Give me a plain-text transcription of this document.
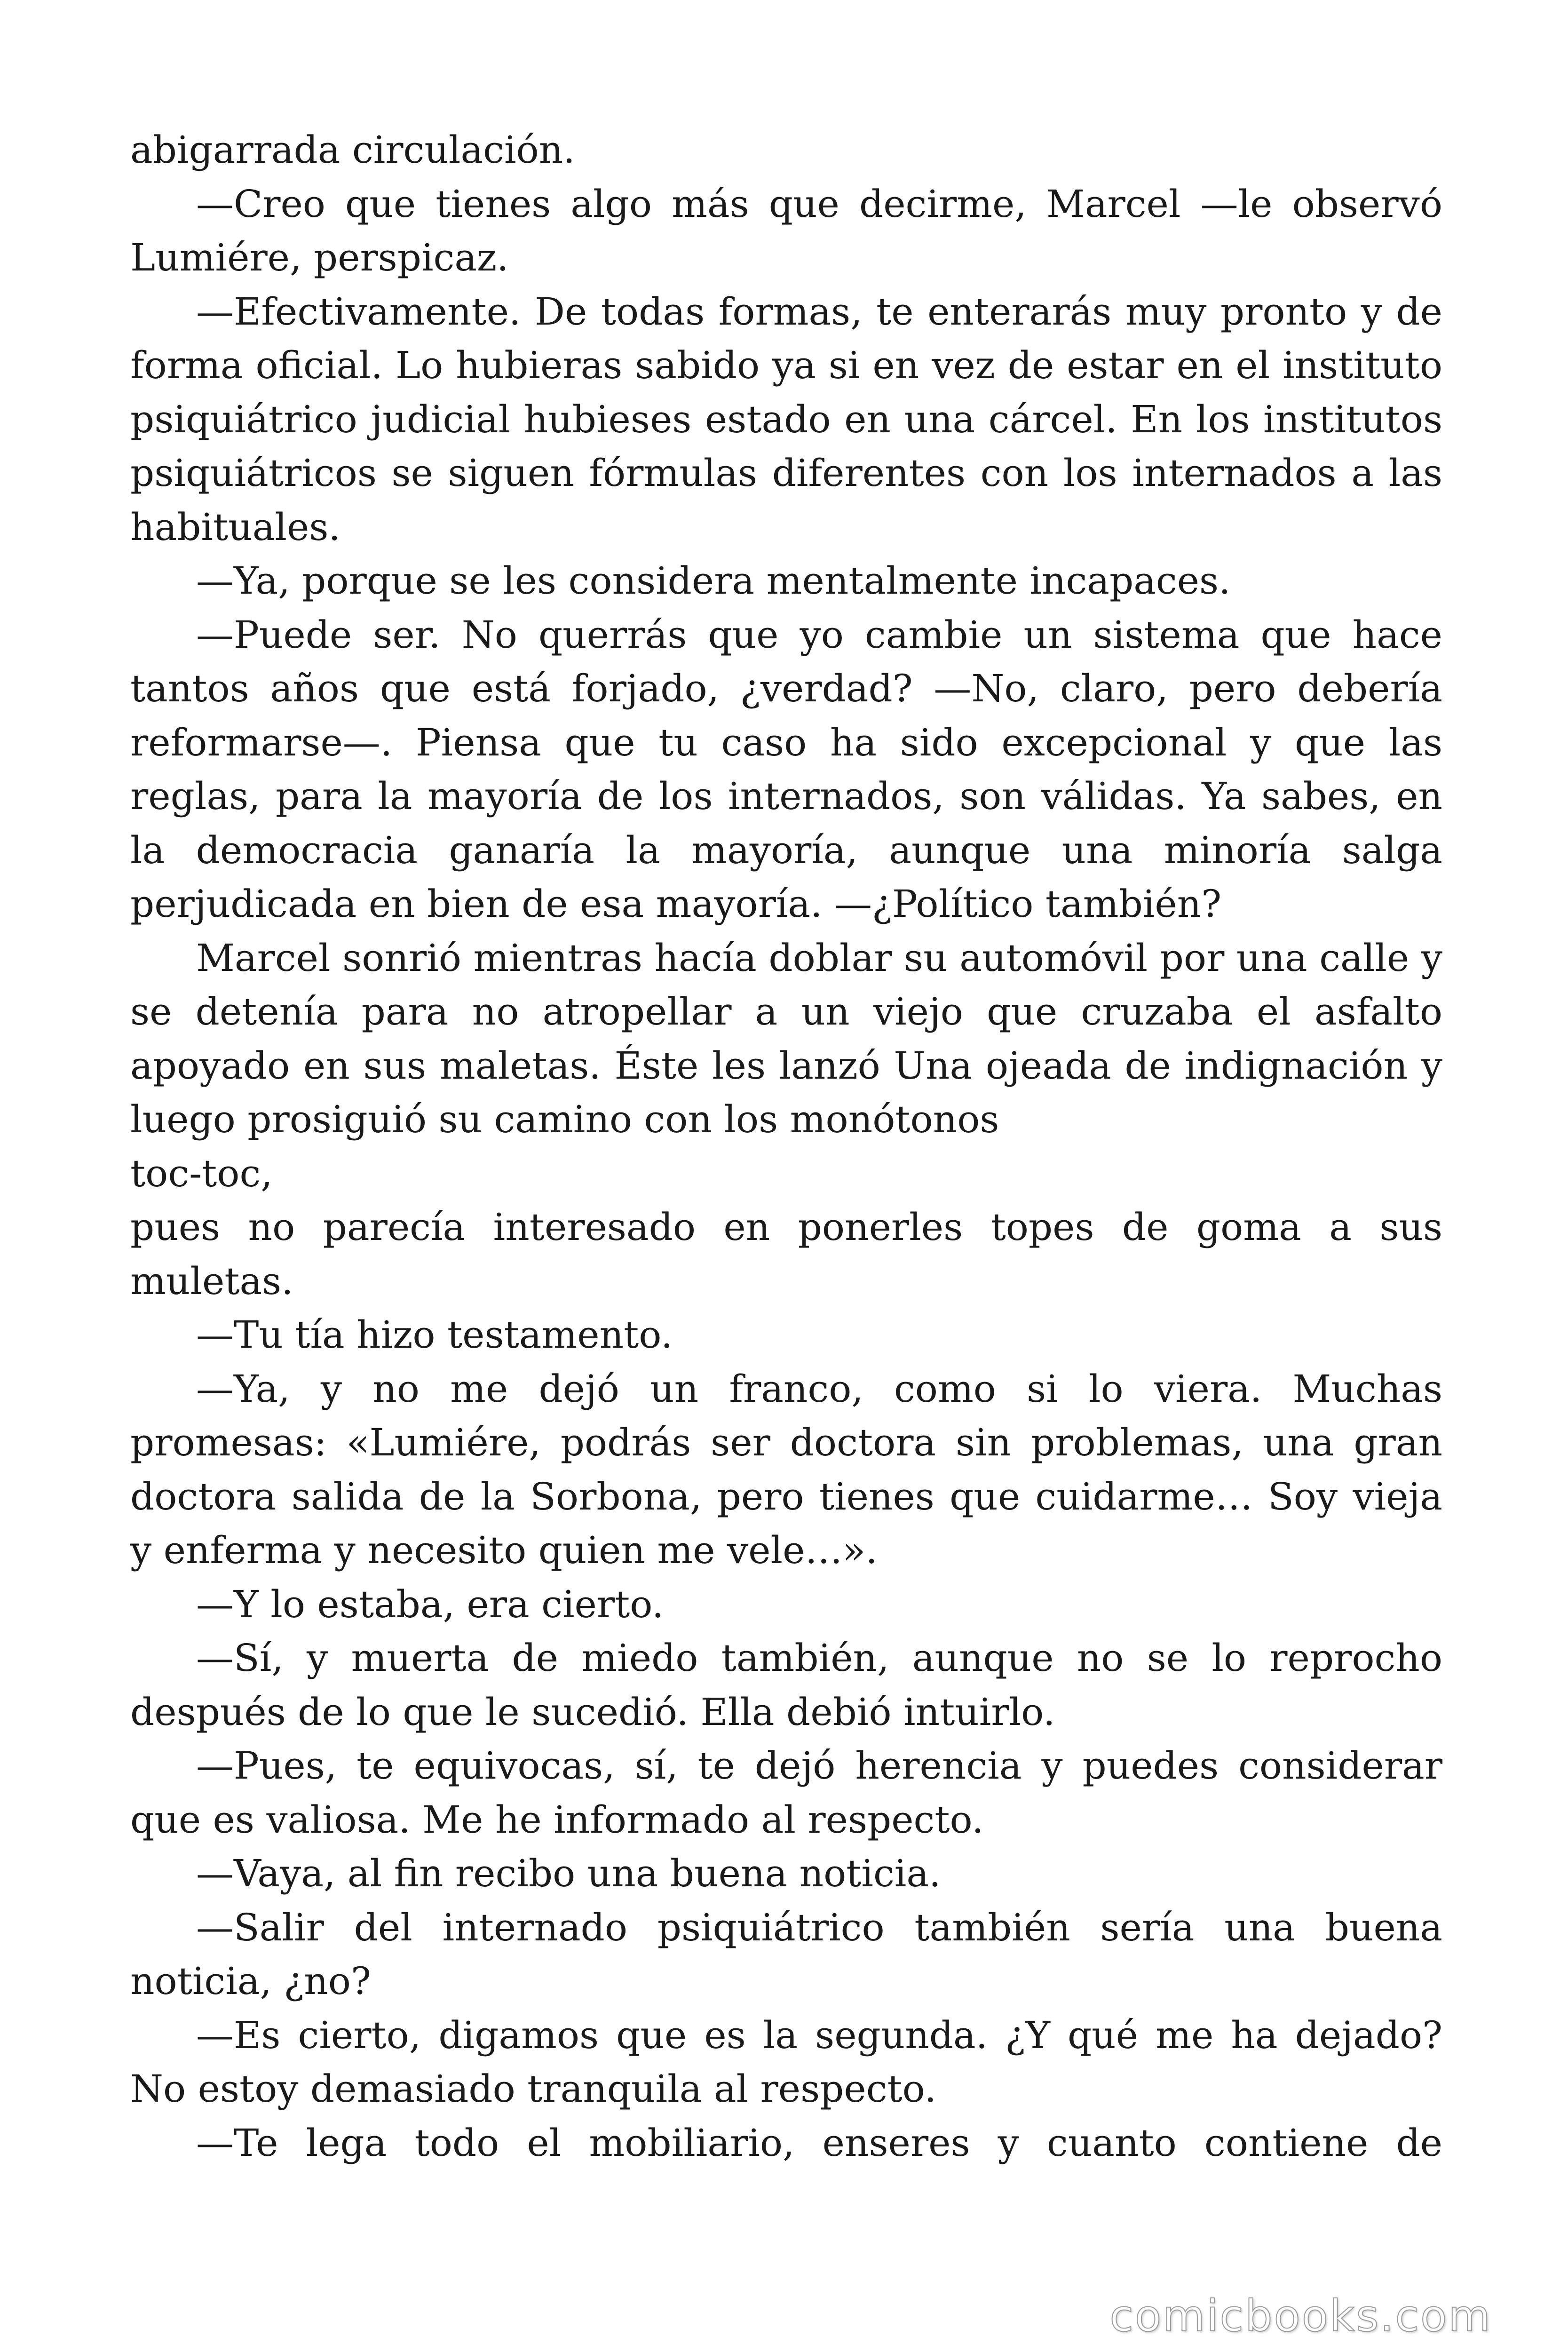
abigarrada circulación.

—Creo que tienes algo más que decirme, Marcel —le observó Lumiére, perspicaz.

—Efectivamente. De todas formas, te enterarás muy pronto y de forma oficial. Lo hubieras sabido ya si en vez de estar en el instituto psiquiátrico judicial hubieses estado en una cárcel. En los institutos psiquiátricos se siguen fórmulas diferentes con los internados a las habituales.

—Ya, porque se les considera mentalmente incapaces.

—Puede ser. No querrás que yo cambie un sistema que hace tantos años que está forjado, ¿verdad? —No, claro, pero debería reformarse—. Piensa que tu caso ha sido excepcional y que las reglas, para la mayoría de los internados, son válidas. Ya sabes, en la democracia ganaría la mayoría, aunque una minoría salga perjudicada en bien de esa mayoría. —¿Político también?

Marcel sonrió mientras hacía doblar su automóvil por una calle y se detenía para no atropellar a un viejo que cruzaba el asfalto apoyado en sus maletas. Éste les lanzó Una ojeada de indignación y luego prosiguió su camino con los monótonos

toc-toc,

pues no parecía interesado en ponerles topes de goma a sus muletas.

—Tu tía hizo testamento.

—Ya, y no me dejó un franco, como si lo viera. Muchas promesas: «Lumiére, podrás ser doctora sin problemas, una gran doctora salida de la Sorbona, pero tienes que cuidarme… Soy vieja y enferma y necesito quien me vele…».

—Y lo estaba, era cierto.

—Sí, y muerta de miedo también, aunque no se lo reprocho después de lo que le sucedió. Ella debió intuirlo.

—Pues, te equivocas, sí, te dejó herencia y puedes considerar que es valiosa. Me he informado al respecto.

—Vaya, al fin recibo una buena noticia.

—Salir del internado psiquiátrico también sería una buena noticia, ¿no?

—Es cierto, digamos que es la segunda. ¿Y qué me ha dejado? No estoy demasiado tranquila al respecto.

—Te lega todo el mobiliario, enseres y cuanto contiene de

comicbooks.com
